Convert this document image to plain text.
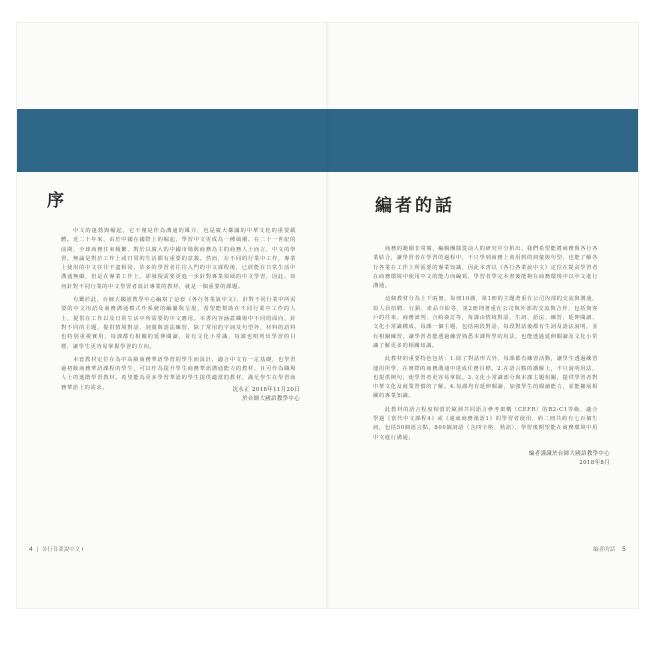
序

中文的蓬勃與崛起，它不僅是作為溝通的媒介，也是廣大鄰國的中華文化的重要載體。近二十年來，由於中國在國際上的崛起，學習中文更成為一種風潮。在二十一世紀的前期，全球商務往來頻繁，對於以廣大的中國市場與商務為主的商務人士而言，中文的學習，無論是對於工作上或日常的生活都有重要的意義。然而，在不同的行業中工作，專業上使用的中文往往不盡相同，許多的學習者往往入門的中文課程後，已經能在日常生活中溝通無礙，但是在專業工作上，卻發現需要更進一步針對專業領域的中文學習，因此，如何針對不同行業的中文學習者設計專業的教材，就是一個重要的課題。

有鑑於此，台師大國語教學中心編寫了這套《各行各業說中文》，針對不同行業中所需要的中文用語及商務溝通模式作系統的編纂與呈現，希望能幫助在不同行業中工作的人士，提供在工作以及日常生活中所需要的中文應用。本書內容涵蓋職場中不同的面向，針對不同的主題，提供情境對話、詞彙與語法練習，除了常用的字詞及句型外，材料的語料也特別重視實用，每課都有相關的延伸閱讀，並有文化小常識，每課也明列出學習的目標，讓學生更容易掌握學習的方向。

本套教材定位在為中高級商務華語學習的學生而設計，適合中文有一定基礎，也學習過初級商務華語課程的學生，可以作為提升學生商務華語溝通能力的教材，且可作為職場人士的進階學習教材。希望能為更多學習華語的學生提供適當的教材，滿足學生在學習商務華語上的需求。	沈永正 2018年11月20日
於台師大國語教學中心
4  |  各行各業說中文 I
編者的話

商務的範圍非常廣，編輯團隊從前人的研究中分析出，我們希望能將商務與各行各業結合，讓學習者在學習的過程中，不只學到商務上會用到的詞彙與句型，也能了解各行各業在工作上所需要的專業知識，因此本書以《各行各業說中文》定位在提高學習者在商務環境中使用中文的能力而編寫，學習者學完本書後能夠在商務環境中以中文進行溝通。

這個教材分為上下兩冊，每冊10課，第1冊的主題著重在公司內部的交流與溝通，如人員招聘、行銷、產品介紹等，第2冊則著重在公司與外部的交流與合作，包括與客戶的往來、商務談判、合約簽訂等，每課由情境對話、生詞、語法、練習、延伸閱讀、文化小常識構成。每課一個主題，包括兩段對話，每段對話後都有生詞及語法說明，並有相關練習，讓學習者能透過練習熟悉本課所學的用法，也能透過延伸閱讀及文化小常識了解更多的相關知識。

此教材的重要特色包括：1.除了對話形式外，每課都有練習活動，讓學生透過練習運用所學，在實際的商務溝通中達成任務目標。2.在語言點的講解上，不只說明用法，也提供例句，使學習者更容易掌握。3.文化小常識部分與本課主題相關，提供學習者對中華文化及商業習慣的了解。4.每課均有延伸閱讀，加強學生的閱讀能力，並能擴展相關的專業知識。

此教材的語言程度相當於歐洲共同語言參考架構（CEFR）的B2-C1等級，適合學過《當代中文課程4》或《遠東商務漢語1》的學習者使用，約二冊共約有七百個生詞，包括50個語言點，800個詞語（含四字格、熟語），學習後期望能在商務環境中用中文進行溝通。

編者謹識於台師大國語教學中心
2018年8月
編者的話 5
